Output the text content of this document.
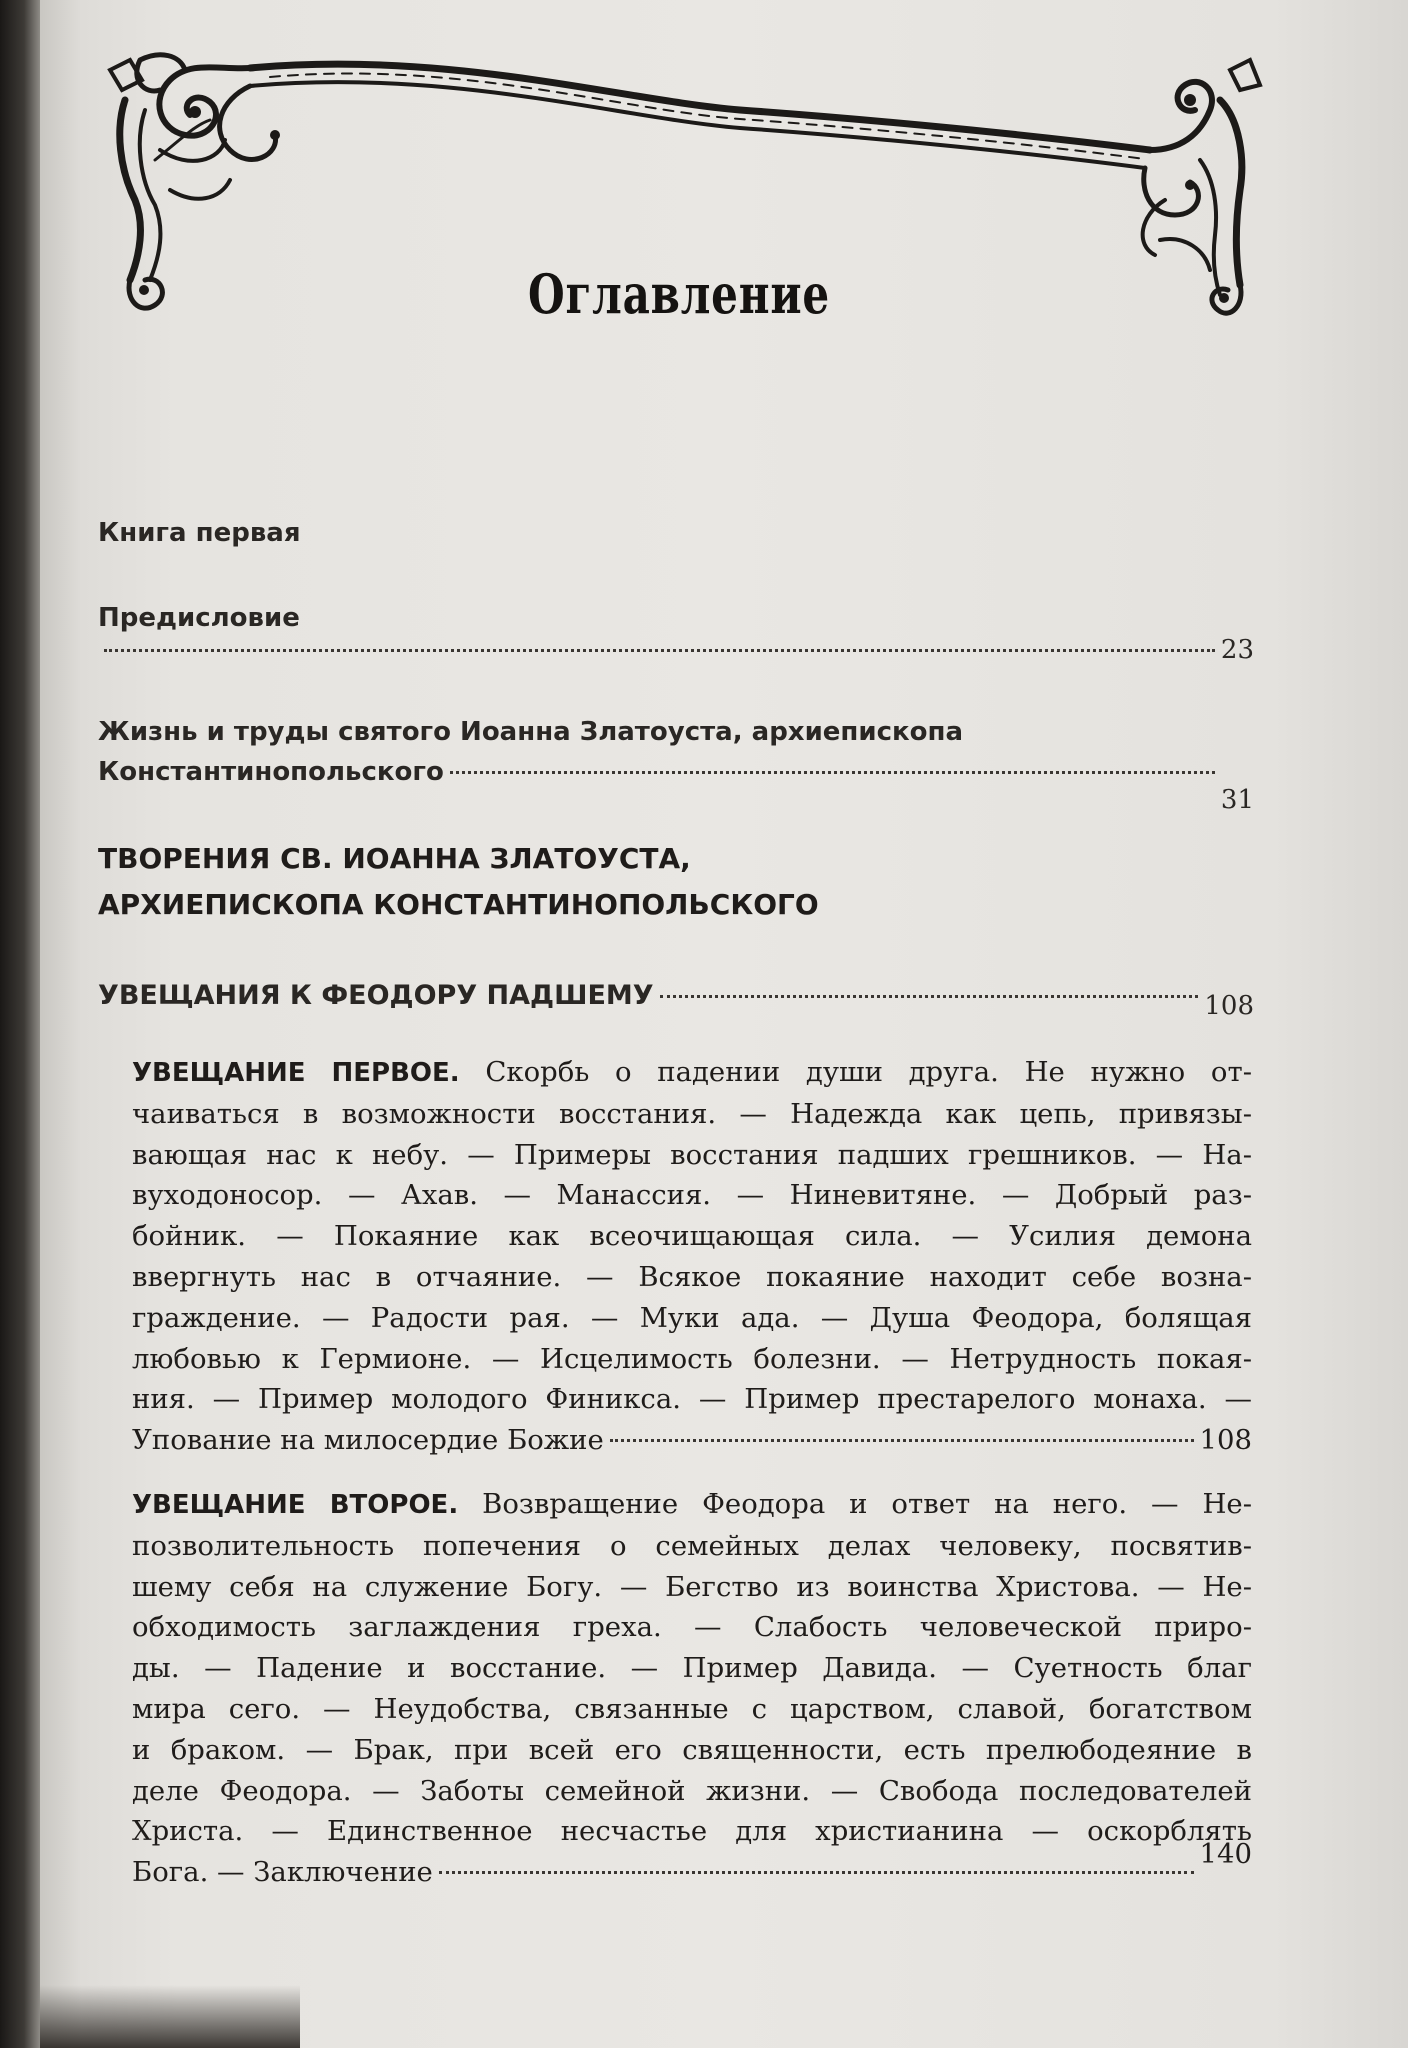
Оглавление
Книга первая
Предисловие
23
Жизнь и труды святого Иоанна Златоуста, архиепископа
Константинопольского
31
ТВОРЕНИЯ СВ. ИОАННА ЗЛАТОУСТА,
АРХИЕПИСКОПА КОНСТАНТИНОПОЛЬСКОГО
УВЕЩАНИЯ К ФЕОДОРУ ПАДШЕМУ	108
УВЕЩАНИЕ ПЕРВОЕ. Скорбь о падении души друга. Не нужно от-
чаиваться в возможности восстания. — Надежда как цепь, привязы-
вающая нас к небу. — Примеры восстания падших грешников. — На-
вуходоносор. — Ахав. — Манассия. — Ниневитяне. — Добрый раз-
бойник. — Покаяние как всеочищающая сила. — Усилия демона
ввергнуть нас в отчаяние. — Всякое покаяние находит себе возна-
граждение. — Радости рая. — Муки ада. — Душа Феодора, болящая
любовью к Гермионе. — Исцелимость болезни. — Нетрудность покая-
ния. — Пример молодого Финикса. — Пример престарелого монаха. —
Упование на милосердие Божие	108
УВЕЩАНИЕ ВТОРОЕ. Возвращение Феодора и ответ на него. — Не-
позволительность попечения о семейных делах человеку, посвятив-
шему себя на служение Богу. — Бегство из воинства Христова. — Не-
обходимость заглаждения греха. — Слабость человеческой приро-
ды. — Падение и восстание. — Пример Давида. — Суетность благ
мира сего. — Неудобства, связанные с царством, славой, богатством
и браком. — Брак, при всей его священности, есть прелюбодеяние в
деле Феодора. — Заботы семейной жизни. — Свобода последователей
Христа. — Единственное несчастье для христианина — оскорблять
Бога. — Заключение
140
